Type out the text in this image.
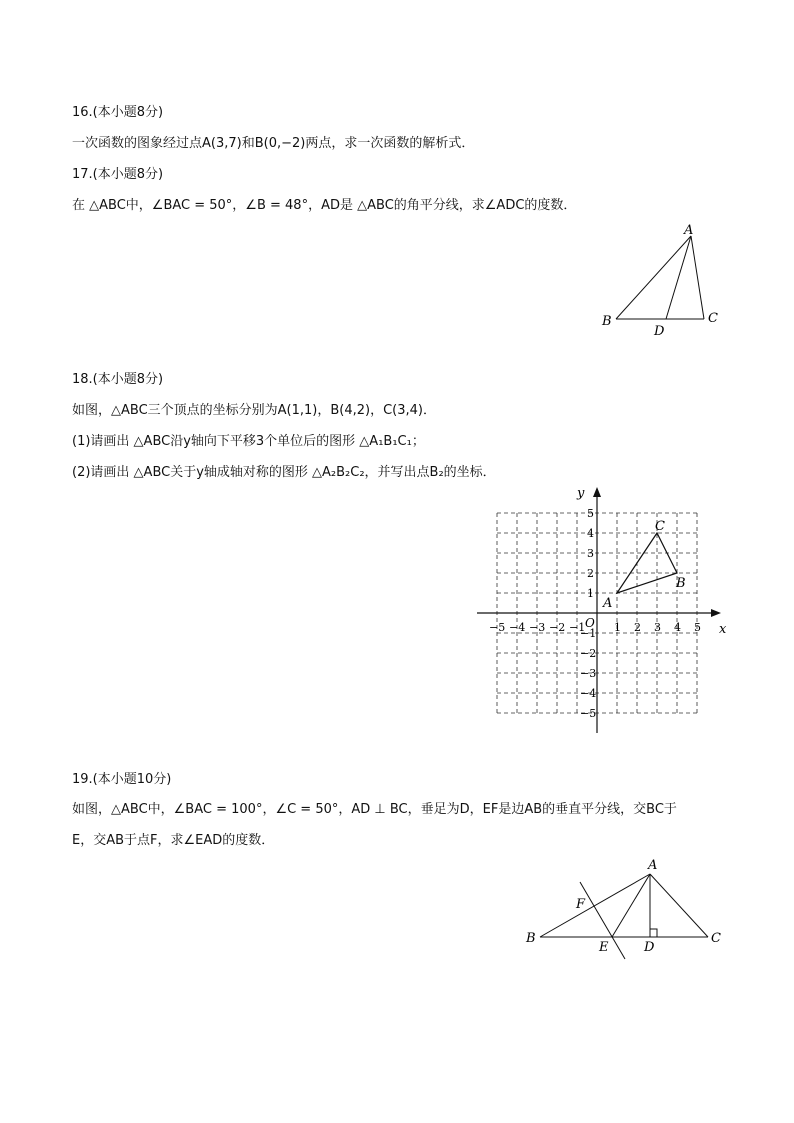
16.(本小题8分)
一次函数的图象经过点A(3,7)和B(0,−2)两点，求一次函数的解析式．
17.(本小题8分)
在 △ABC中，∠BAC = 50°，∠B = 48°，AD是 △ABC的角平分线，求∠ADC的度数．
A
B	C
D
18.(本小题8分)
如图，△ABC三个顶点的坐标分别为A(1,1)，B(4,2)，C(3,4)．
(1)请画出 △ABC沿y轴向下平移3个单位后的图形 △A₁B₁C₁；
(2)请画出 △ABC关于y轴成轴对称的图形 △A₂B₂C₂，并写出点B₂的坐标．
x
y
O
−5 −4 −3 −2 −1	1 2 3 4 5
5
4
3
2
1
−1
−2
−3
−4
−5
A
B
C
19.(本小题10分)
如图，△ABC中，∠BAC = 100°，∠C = 50°，AD ⊥ BC，垂足为D，EF是边AB的垂直平分线，交BC于
E，交AB于点F，求∠EAD的度数．
A
B	C
D
E
F
